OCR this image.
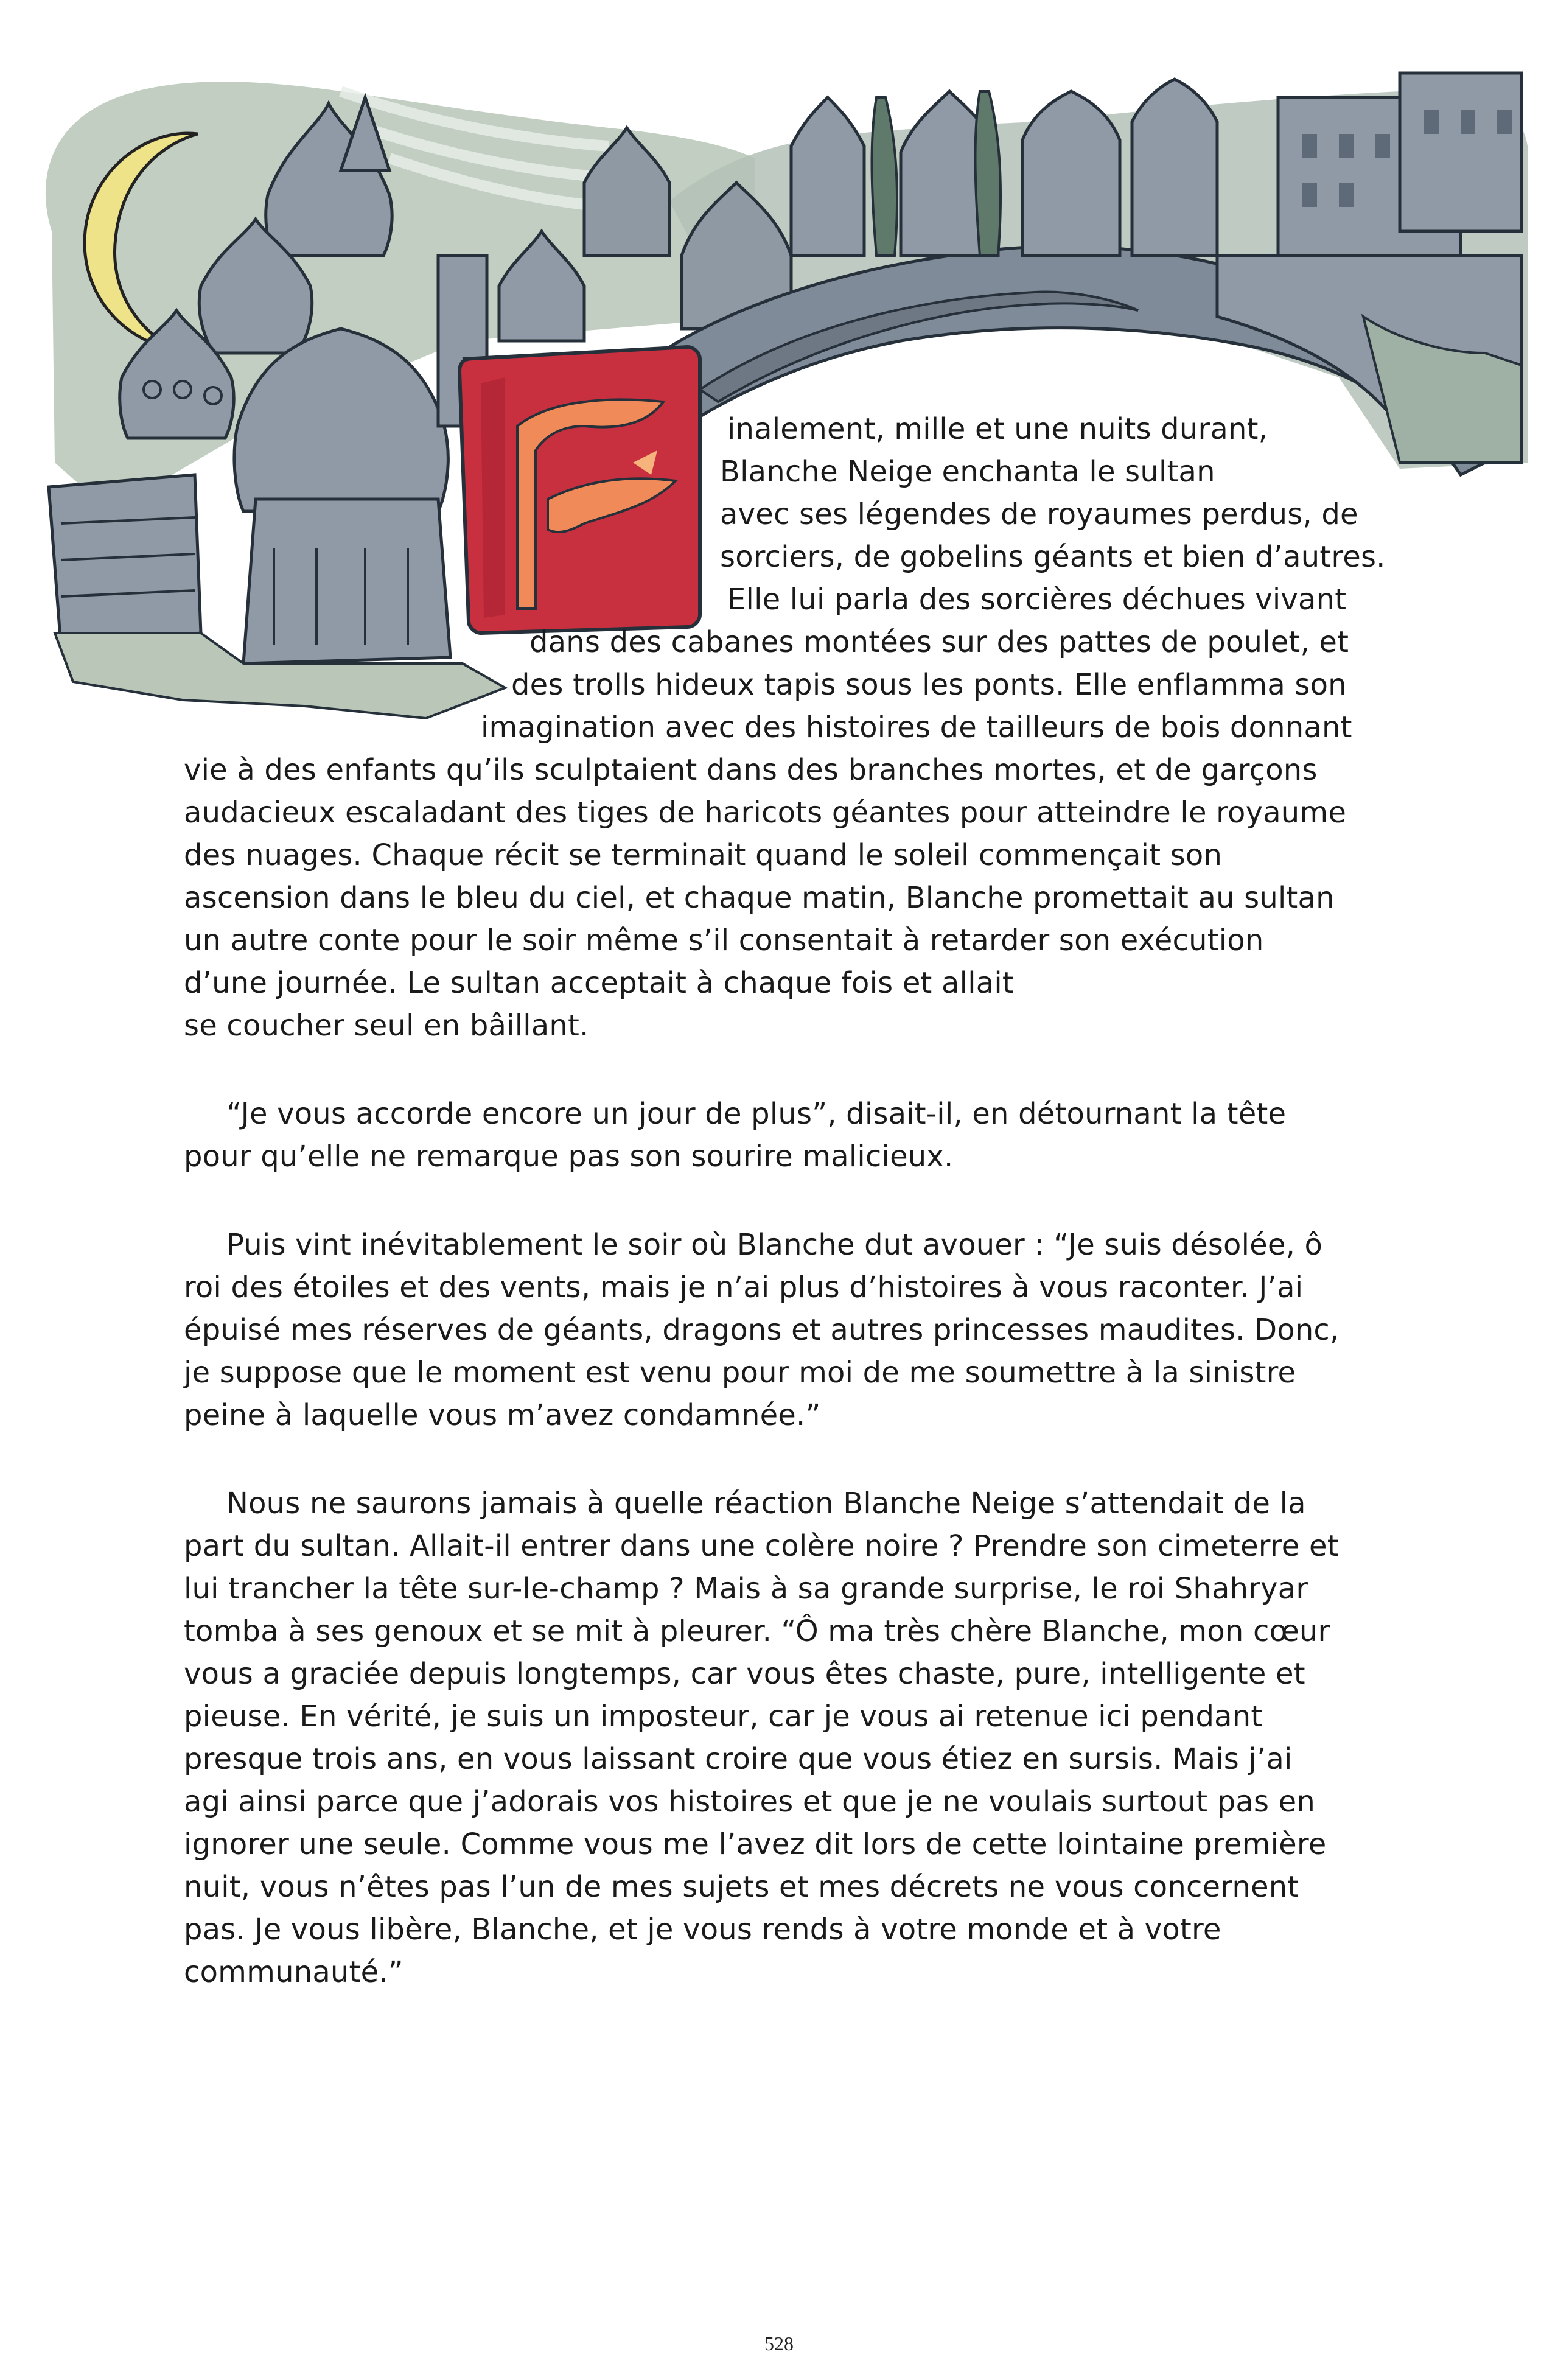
inalement, mille et une nuits durant,
Blanche Neige enchanta le sultan
avec ses légendes de royaumes perdus, de
sorciers, de gobelins géants et bien d’autres.
Elle lui parla des sorcières déchues vivant
dans des cabanes montées sur des pattes de poulet, et
des trolls hideux tapis sous les ponts. Elle enflamma son
imagination avec des histoires de tailleurs de bois donnant
vie à des enfants qu’ils sculptaient dans des branches mortes, et de garçons
audacieux escaladant des tiges de haricots géantes pour atteindre le royaume
des nuages. Chaque récit se terminait quand le soleil commençait son
ascension dans le bleu du ciel, et chaque matin, Blanche promettait au sultan
un autre conte pour le soir même s’il consentait à retarder son exécution
d’une journée. Le sultan acceptait à chaque fois et allait
se coucher seul en bâillant.
“Je vous accorde encore un jour de plus”, disait-il, en détournant la tête
pour qu’elle ne remarque pas son sourire malicieux.
Puis vint inévitablement le soir où Blanche dut avouer : “Je suis désolée, ô
roi des étoiles et des vents, mais je n’ai plus d’histoires à vous raconter. J’ai
épuisé mes réserves de géants, dragons et autres princesses maudites. Donc,
je suppose que le moment est venu pour moi de me soumettre à la sinistre
peine à laquelle vous m’avez condamnée.”
Nous ne saurons jamais à quelle réaction Blanche Neige s’attendait de la
part du sultan. Allait-il entrer dans une colère noire ? Prendre son cimeterre et
lui trancher la tête sur-le-champ ? Mais à sa grande surprise, le roi Shahryar
tomba à ses genoux et se mit à pleurer. “Ô ma très chère Blanche, mon cœur
vous a graciée depuis longtemps, car vous êtes chaste, pure, intelligente et
pieuse. En vérité, je suis un imposteur, car je vous ai retenue ici pendant
presque trois ans, en vous laissant croire que vous étiez en sursis. Mais j’ai
agi ainsi parce que j’adorais vos histoires et que je ne voulais surtout pas en
ignorer une seule. Comme vous me l’avez dit lors de cette lointaine première
nuit, vous n’êtes pas l’un de mes sujets et mes décrets ne vous concernent
pas. Je vous libère, Blanche, et je vous rends à votre monde et à votre
communauté.”
528
